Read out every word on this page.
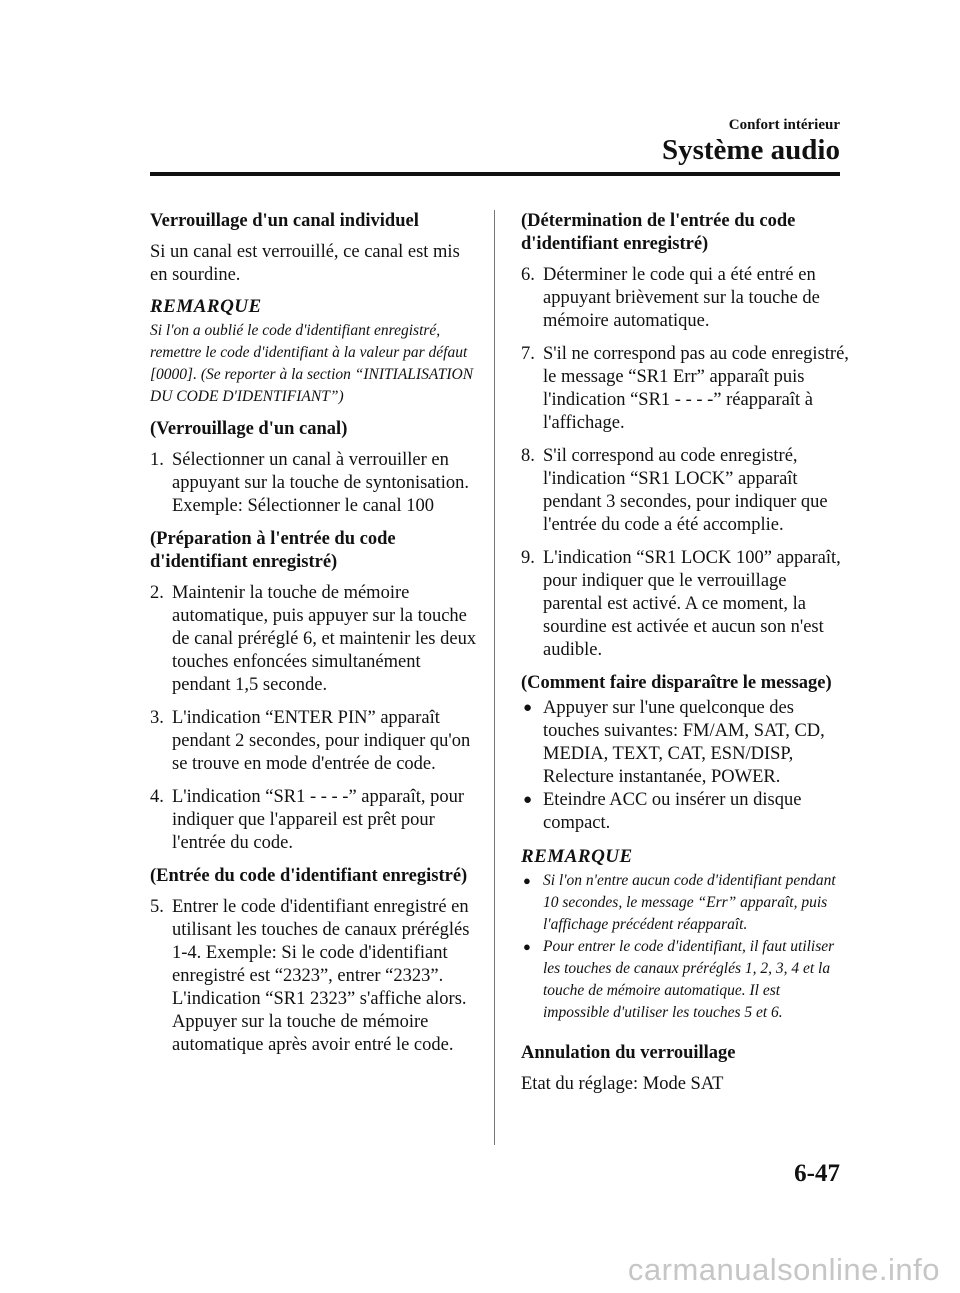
Confort intérieur
Système audio
Verrouillage d'un canal individuel
Si un canal est verrouillé, ce canal est mis en sourdine.
REMARQUE
Si l'on a oublié le code d'identifiant enregistré, remettre le code d'identifiant à la valeur par défaut [0000]. (Se reporter à la section “INITIALISATION DU CODE D'IDENTIFIANT”)
(Verrouillage d'un canal)
1. Sélectionner un canal à verrouiller en appuyant sur la touche de syntonisation. Exemple: Sélectionner le canal 100
(Préparation à l'entrée du code d'identifiant enregistré)
2. Maintenir la touche de mémoire automatique, puis appuyer sur la touche de canal préréglé 6, et maintenir les deux touches enfoncées simultanément pendant 1,5 seconde.
3. L'indication “ENTER PIN” apparaît pendant 2 secondes, pour indiquer qu'on se trouve en mode d'entrée de code.
4. L'indication “SR1 - - - -” apparaît, pour indiquer que l'appareil est prêt pour l'entrée du code.
(Entrée du code d'identifiant enregistré)
5. Entrer le code d'identifiant enregistré en utilisant les touches de canaux préréglés 1-4. Exemple: Si le code d'identifiant enregistré est “2323”, entrer “2323”. L'indication “SR1 2323” s'affiche alors. Appuyer sur la touche de mémoire automatique après avoir entré le code.
(Détermination de l'entrée du code d'identifiant enregistré)
6. Déterminer le code qui a été entré en appuyant brièvement sur la touche de mémoire automatique.
7. S'il ne correspond pas au code enregistré, le message “SR1 Err” apparaît puis l'indication “SR1 - - - -” réapparaît à l'affichage.
8. S'il correspond au code enregistré, l'indication “SR1 LOCK” apparaît pendant 3 secondes, pour indiquer que l'entrée du code a été accomplie.
9. L'indication “SR1 LOCK 100” apparaît, pour indiquer que le verrouillage parental est activé. A ce moment, la sourdine est activée et aucun son n'est audible.
(Comment faire disparaître le message)
● Appuyer sur l'une quelconque des touches suivantes: FM/AM, SAT, CD, MEDIA, TEXT, CAT, ESN/DISP, Relecture instantanée, POWER.
● Eteindre ACC ou insérer un disque compact.
REMARQUE
● Si l'on n'entre aucun code d'identifiant pendant 10 secondes, le message “Err” apparaît, puis l'affichage précédent réapparaît.
● Pour entrer le code d'identifiant, il faut utiliser les touches de canaux préréglés 1, 2, 3, 4 et la touche de mémoire automatique. Il est impossible d'utiliser les touches 5 et 6.
Annulation du verrouillage
Etat du réglage: Mode SAT
6-47
carmanualsonline.info
